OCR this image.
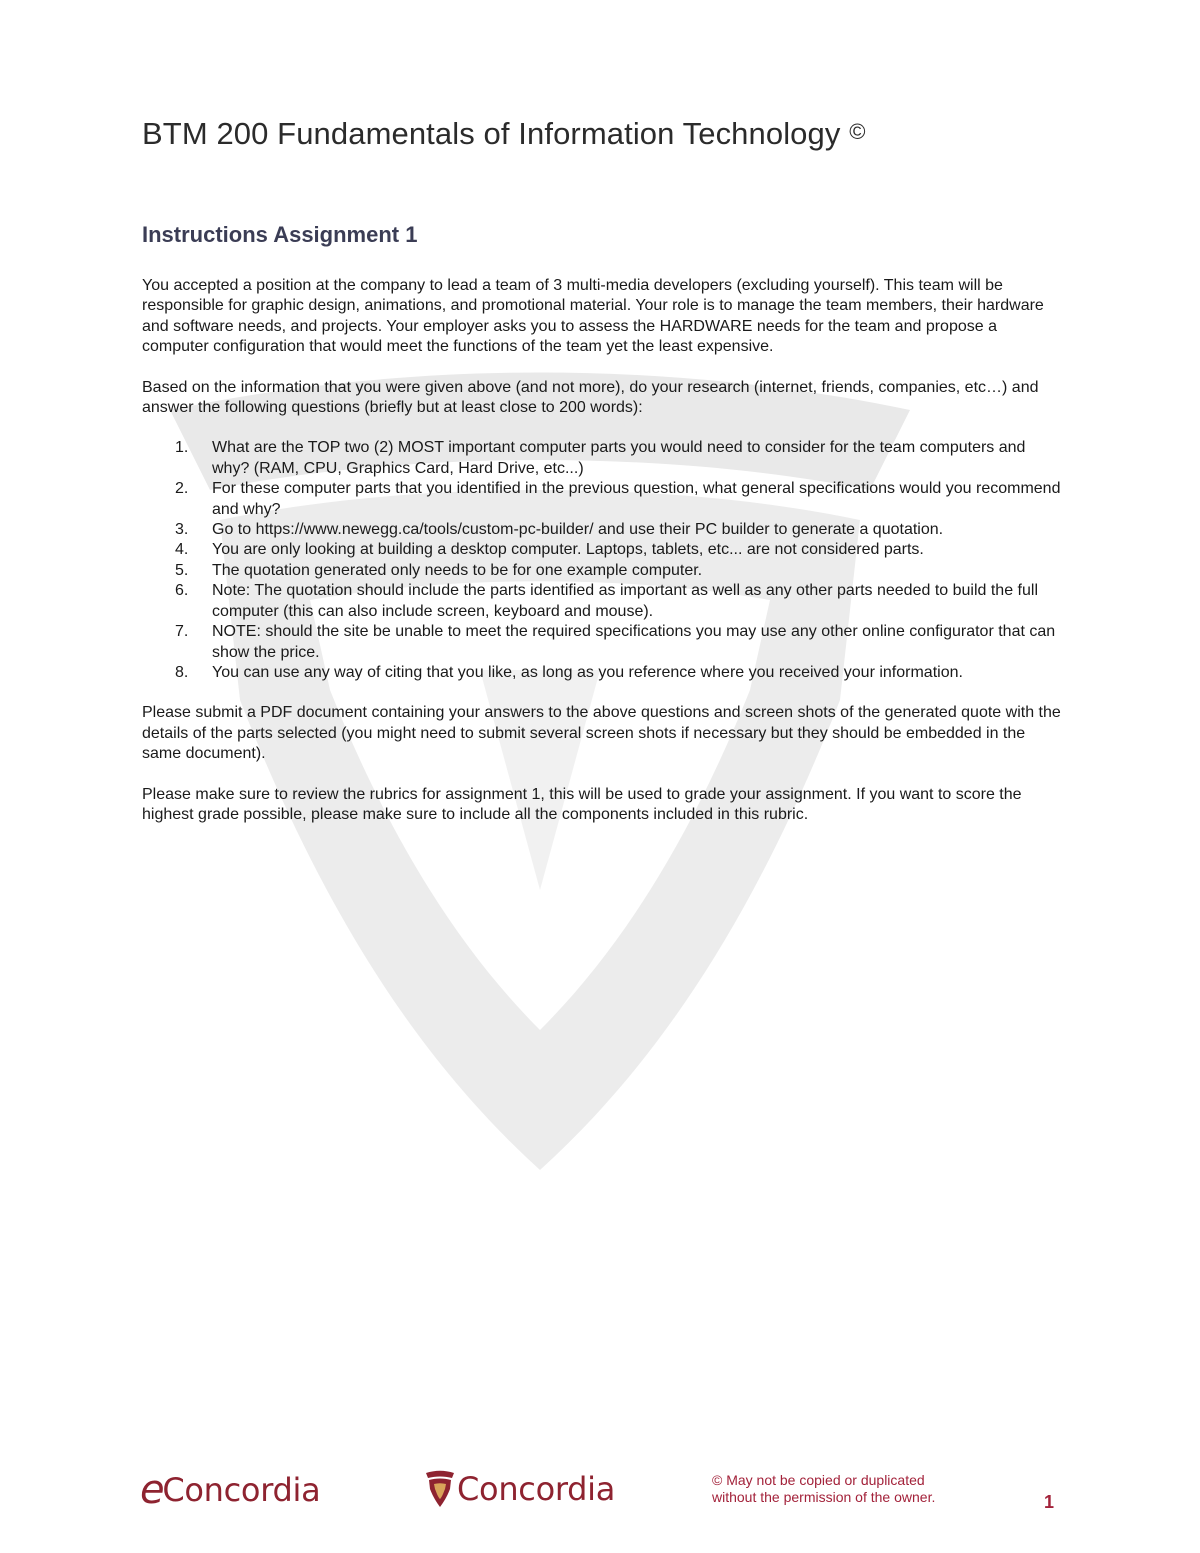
BTM 200 Fundamentals of Information Technology ©
Instructions Assignment 1

You accepted a position at the company to lead a team of 3 multi-media developers (excluding yourself). This team will be responsible for graphic design, animations, and promotional material. Your role is to manage the team members, their hardware and software needs, and projects. Your employer asks you to assess the HARDWARE needs for the team and propose a computer configuration that would meet the functions of the team yet the least expensive.

Based on the information that you were given above (and not more), do your research (internet, friends, companies, etc…) and answer the following questions (briefly but at least close to 200 words):

1.	What are the TOP two (2) MOST important computer parts you would need to consider for the team computers and why? (RAM, CPU, Graphics Card, Hard Drive, etc...)
2.	For these computer parts that you identified in the previous question, what general specifications would you recommend and why?
3.	Go to https://www.newegg.ca/tools/custom-pc-builder/ and use their PC builder to generate a quotation.
4.	You are only looking at building a desktop computer. Laptops, tablets, etc... are not considered parts.
5.	The quotation generated only needs to be for one example computer.
6.	Note: The quotation should include the parts identified as important as well as any other parts needed to build the full computer (this can also include screen, keyboard and mouse).
7.	NOTE: should the site be unable to meet the required specifications you may use any other online configurator that can show the price.
8.	You can use any way of citing that you like, as long as you reference where you received your information.

Please submit a PDF document containing your answers to the above questions and screen shots of the generated quote with the details of the parts selected (you might need to submit several screen shots if necessary but they should be embedded in the same document).

Please make sure to review the rubrics for assignment 1, this will be used to grade your assignment. If you want to score the highest grade possible, please make sure to include all the components included in this rubric.

e
Concordia	Concordia	© May not be copied or duplicated
without the permission of the owner.	1
